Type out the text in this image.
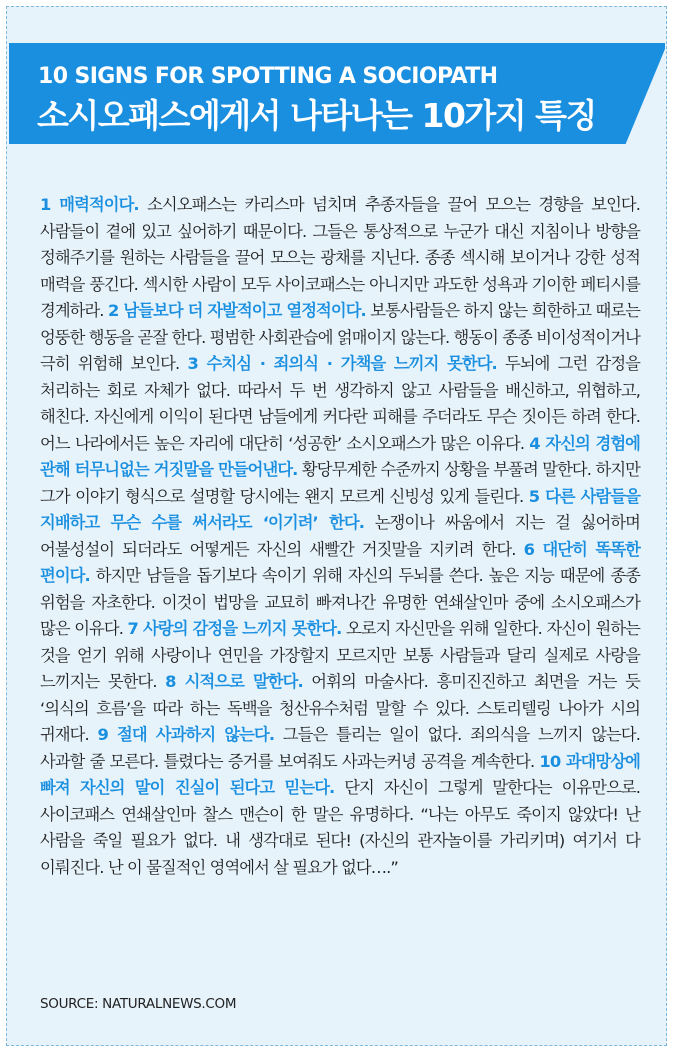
10 SIGNS FOR SPOTTING A SOCIOPATH
소시오패스에게서 나타나는 10가지 특징
1 매력적이다. 소시오패스는 카리스마 넘치며 추종자들을 끌어 모으는 경향을 보인다. 사람들이 곁에 있고 싶어하기 때문이다. 그들은 통상적으로 누군가 대신 지침이나 방향을 정해주기를 원하는 사람들을 끌어 모으는 광채를 지닌다. 종종 섹시해 보이거나 강한 성적 매력을 풍긴다. 섹시한 사람이 모두 사이코패스는 아니지만 과도한 성욕과 기이한 페티시를 경계하라. 2 남들보다 더 자발적이고 열정적이다. 보통사람들은 하지 않는 희한하고 때로는 엉뚱한 행동을 곧잘 한다. 평범한 사회관습에 얽매이지 않는다. 행동이 종종 비이성적이거나 극히 위험해 보인다. 3 수치심 · 죄의식 · 가책을 느끼지 못한다. 두뇌에 그런 감정을 처리하는 회로 자체가 없다. 따라서 두 번 생각하지 않고 사람들을 배신하고, 위협하고, 해친다. 자신에게 이익이 된다면 남들에게 커다란 피해를 주더라도 무슨 짓이든 하려 한다. 어느 나라에서든 높은 자리에 대단히 ‘성공한’ 소시오패스가 많은 이유다. 4 자신의 경험에 관해 터무니없는 거짓말을 만들어낸다. 황당무계한 수준까지 상황을 부풀려 말한다. 하지만 그가 이야기 형식으로 설명할 당시에는 왠지 모르게 신빙성 있게 들린다. 5 다른 사람들을 지배하고 무슨 수를 써서라도 ‘이기려’ 한다. 논쟁이나 싸움에서 지는 걸 싫어하며 어불성설이 되더라도 어떻게든 자신의 새빨간 거짓말을 지키려 한다. 6 대단히 똑똑한 편이다. 하지만 남들을 돕기보다 속이기 위해 자신의 두뇌를 쓴다. 높은 지능 때문에 종종 위험을 자초한다. 이것이 법망을 교묘히 빠져나간 유명한 연쇄살인마 중에 소시오패스가 많은 이유다. 7 사랑의 감정을 느끼지 못한다. 오로지 자신만을 위해 일한다. 자신이 원하는 것을 얻기 위해 사랑이나 연민을 가장할지 모르지만 보통 사람들과 달리 실제로 사랑을 느끼지는 못한다. 8 시적으로 말한다. 어휘의 마술사다. 흥미진진하고 최면을 거는 듯 ‘의식의 흐름’을 따라 하는 독백을 청산유수처럼 말할 수 있다. 스토리텔링 나아가 시의 귀재다. 9 절대 사과하지 않는다. 그들은 틀리는 일이 없다. 죄의식을 느끼지 않는다. 사과할 줄 모른다. 틀렸다는 증거를 보여줘도 사과는커녕 공격을 계속한다. 10 과대망상에 빠져 자신의 말이 진실이 된다고 믿는다. 단지 자신이 그렇게 말한다는 이유만으로. 사이코패스 연쇄살인마 찰스 맨슨이 한 말은 유명하다. “나는 아무도 죽이지 않았다! 난 사람을 죽일 필요가 없다. 내 생각대로 된다! (자신의 관자놀이를 가리키며) 여기서 다 이뤄진다. 난 이 물질적인 영역에서 살 필요가 없다….”
SOURCE: NATURALNEWS.COM
